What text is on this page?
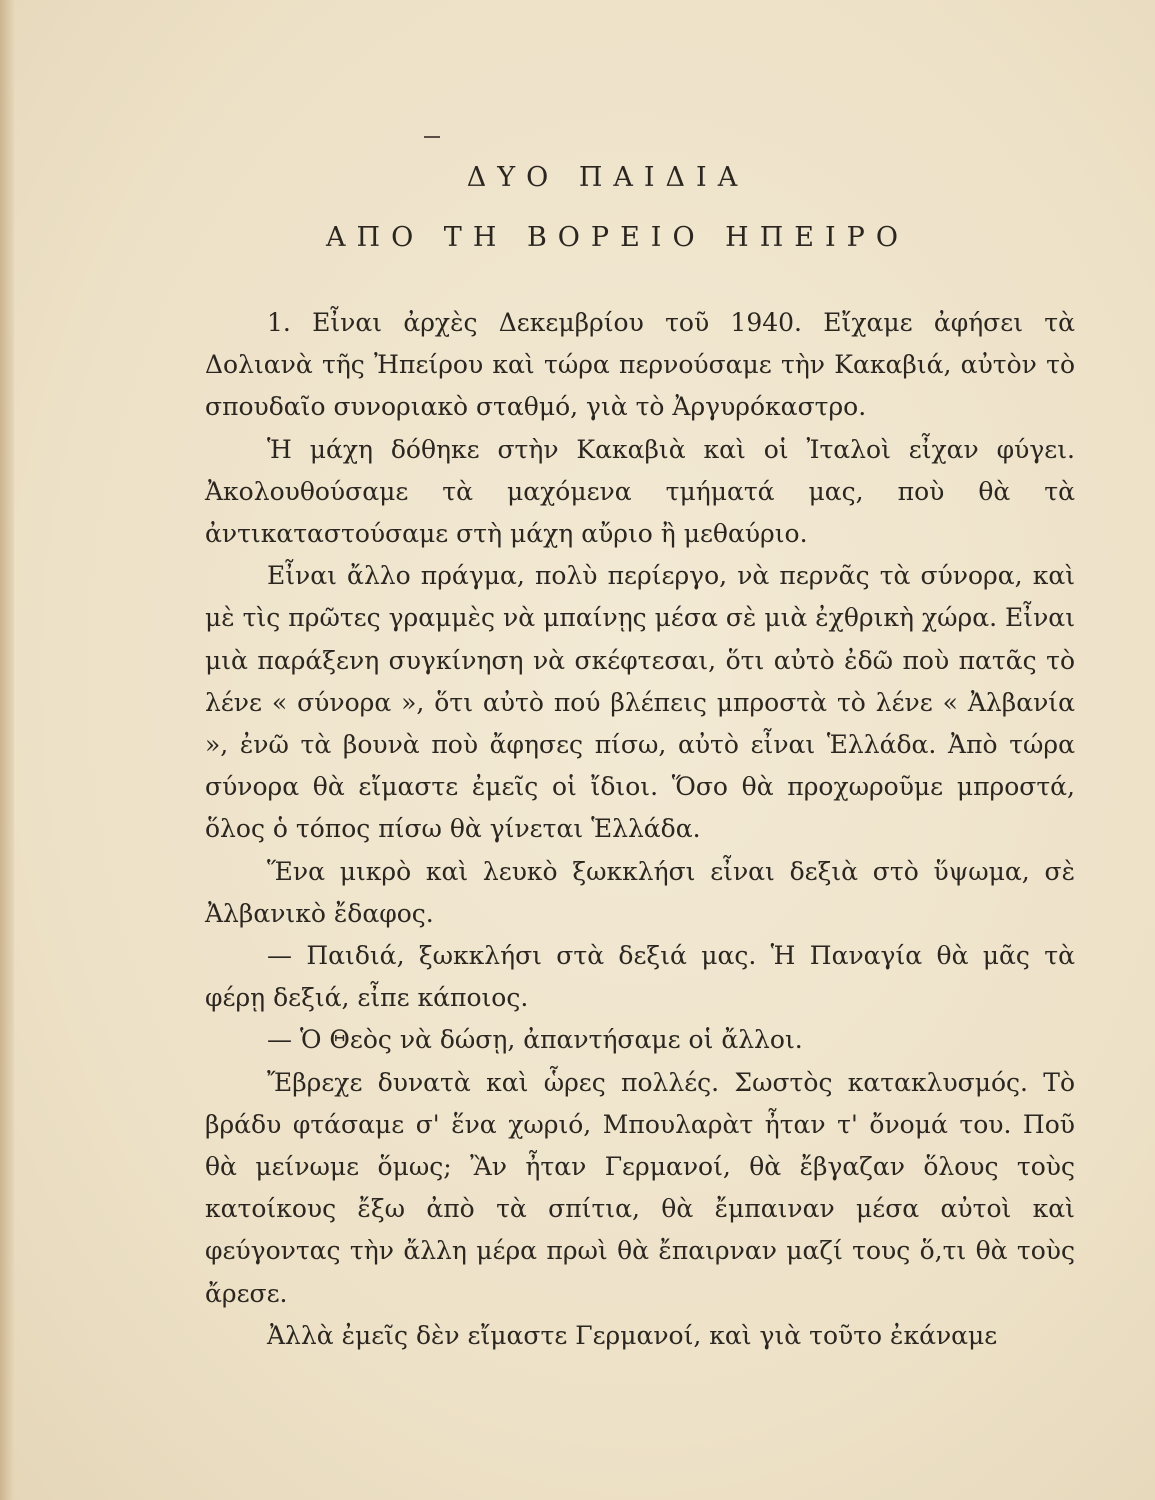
ΔΥΟ ΠΑΙΔΙΑ
ΑΠΟ ΤΗ ΒΟΡΕΙΟ ΗΠΕΙΡΟ

1. Εἶναι ἀρχὲς Δεκεμβρίου τοῦ 1940. Εἴχαμε ἀφήσει τὰ Δολιανὰ τῆς Ἠπείρου καὶ τώρα περνούσαμε τὴν Κακαβιά, αὐτὸν τὸ σπουδαῖο συνοριακὸ σταθμό, γιὰ τὸ Ἀργυρόκαστρο.

Ἡ μάχη δόθηκε στὴν Κακαβιὰ καὶ οἱ Ἰταλοὶ εἶχαν φύγει. Ἀκολουθούσαμε τὰ μαχόμενα τμήματά μας, ποὺ θὰ τὰ ἀντικαταστούσαμε στὴ μάχη αὔριο ἢ μεθαύριο.

Εἶναι ἄλλο πράγμα, πολὺ περίεργο, νὰ περνᾶς τὰ σύνορα, καὶ μὲ τὶς πρῶτες γραμμὲς νὰ μπαίνῃς μέσα σὲ μιὰ ἐχθρικὴ χώρα. Εἶναι μιὰ παράξενη συγκίνηση νὰ σκέφτεσαι, ὅτι αὐτὸ ἐδῶ ποὺ πατᾶς τὸ λένε « σύνορα », ὅτι αὐτὸ πού βλέπεις μπροστὰ τὸ λένε « Ἀλβανία », ἐνῶ τὰ βουνὰ ποὺ ἄφησες πίσω, αὐτὸ εἶναι Ἑλλάδα. Ἀπὸ τώρα σύνορα θὰ εἴμαστε ἐμεῖς οἱ ἴδιοι. Ὅσο θὰ προχωροῦμε μπροστά, ὅλος ὁ τόπος πίσω θὰ γίνεται Ἑλλάδα.

Ἕνα μικρὸ καὶ λευκὸ ξωκκλήσι εἶναι δεξιὰ στὸ ὕψωμα, σὲ Ἀλβανικὸ ἔδαφος.

— Παιδιά, ξωκκλήσι στὰ δεξιά μας. Ἡ Παναγία θὰ μᾶς τὰ φέρῃ δεξιά, εἶπε κάποιος.

— Ὁ Θεὸς νὰ δώσῃ, ἀπαντήσαμε οἱ ἄλλοι.

Ἔβρεχε δυνατὰ καὶ ὧρες πολλές. Σωστὸς κατακλυσμός. Τὸ βράδυ φτάσαμε σ' ἕνα χωριό, Μπουλαρὰτ ἦταν τ' ὄνομά του. Ποῦ θὰ μείνωμε ὅμως; Ἂν ἦταν Γερμανοί, θὰ ἔβγαζαν ὅλους τοὺς κατοίκους ἔξω ἀπὸ τὰ σπίτια, θὰ ἔμπαιναν μέσα αὐτοὶ καὶ φεύγοντας τὴν ἄλλη μέρα πρωὶ θὰ ἔπαιρναν μαζί τους ὅ,τι θὰ τοὺς ἄρεσε.

Ἀλλὰ ἐμεῖς δὲν εἴμαστε Γερμανοί, καὶ γιὰ τοῦτο ἐκάναμε
